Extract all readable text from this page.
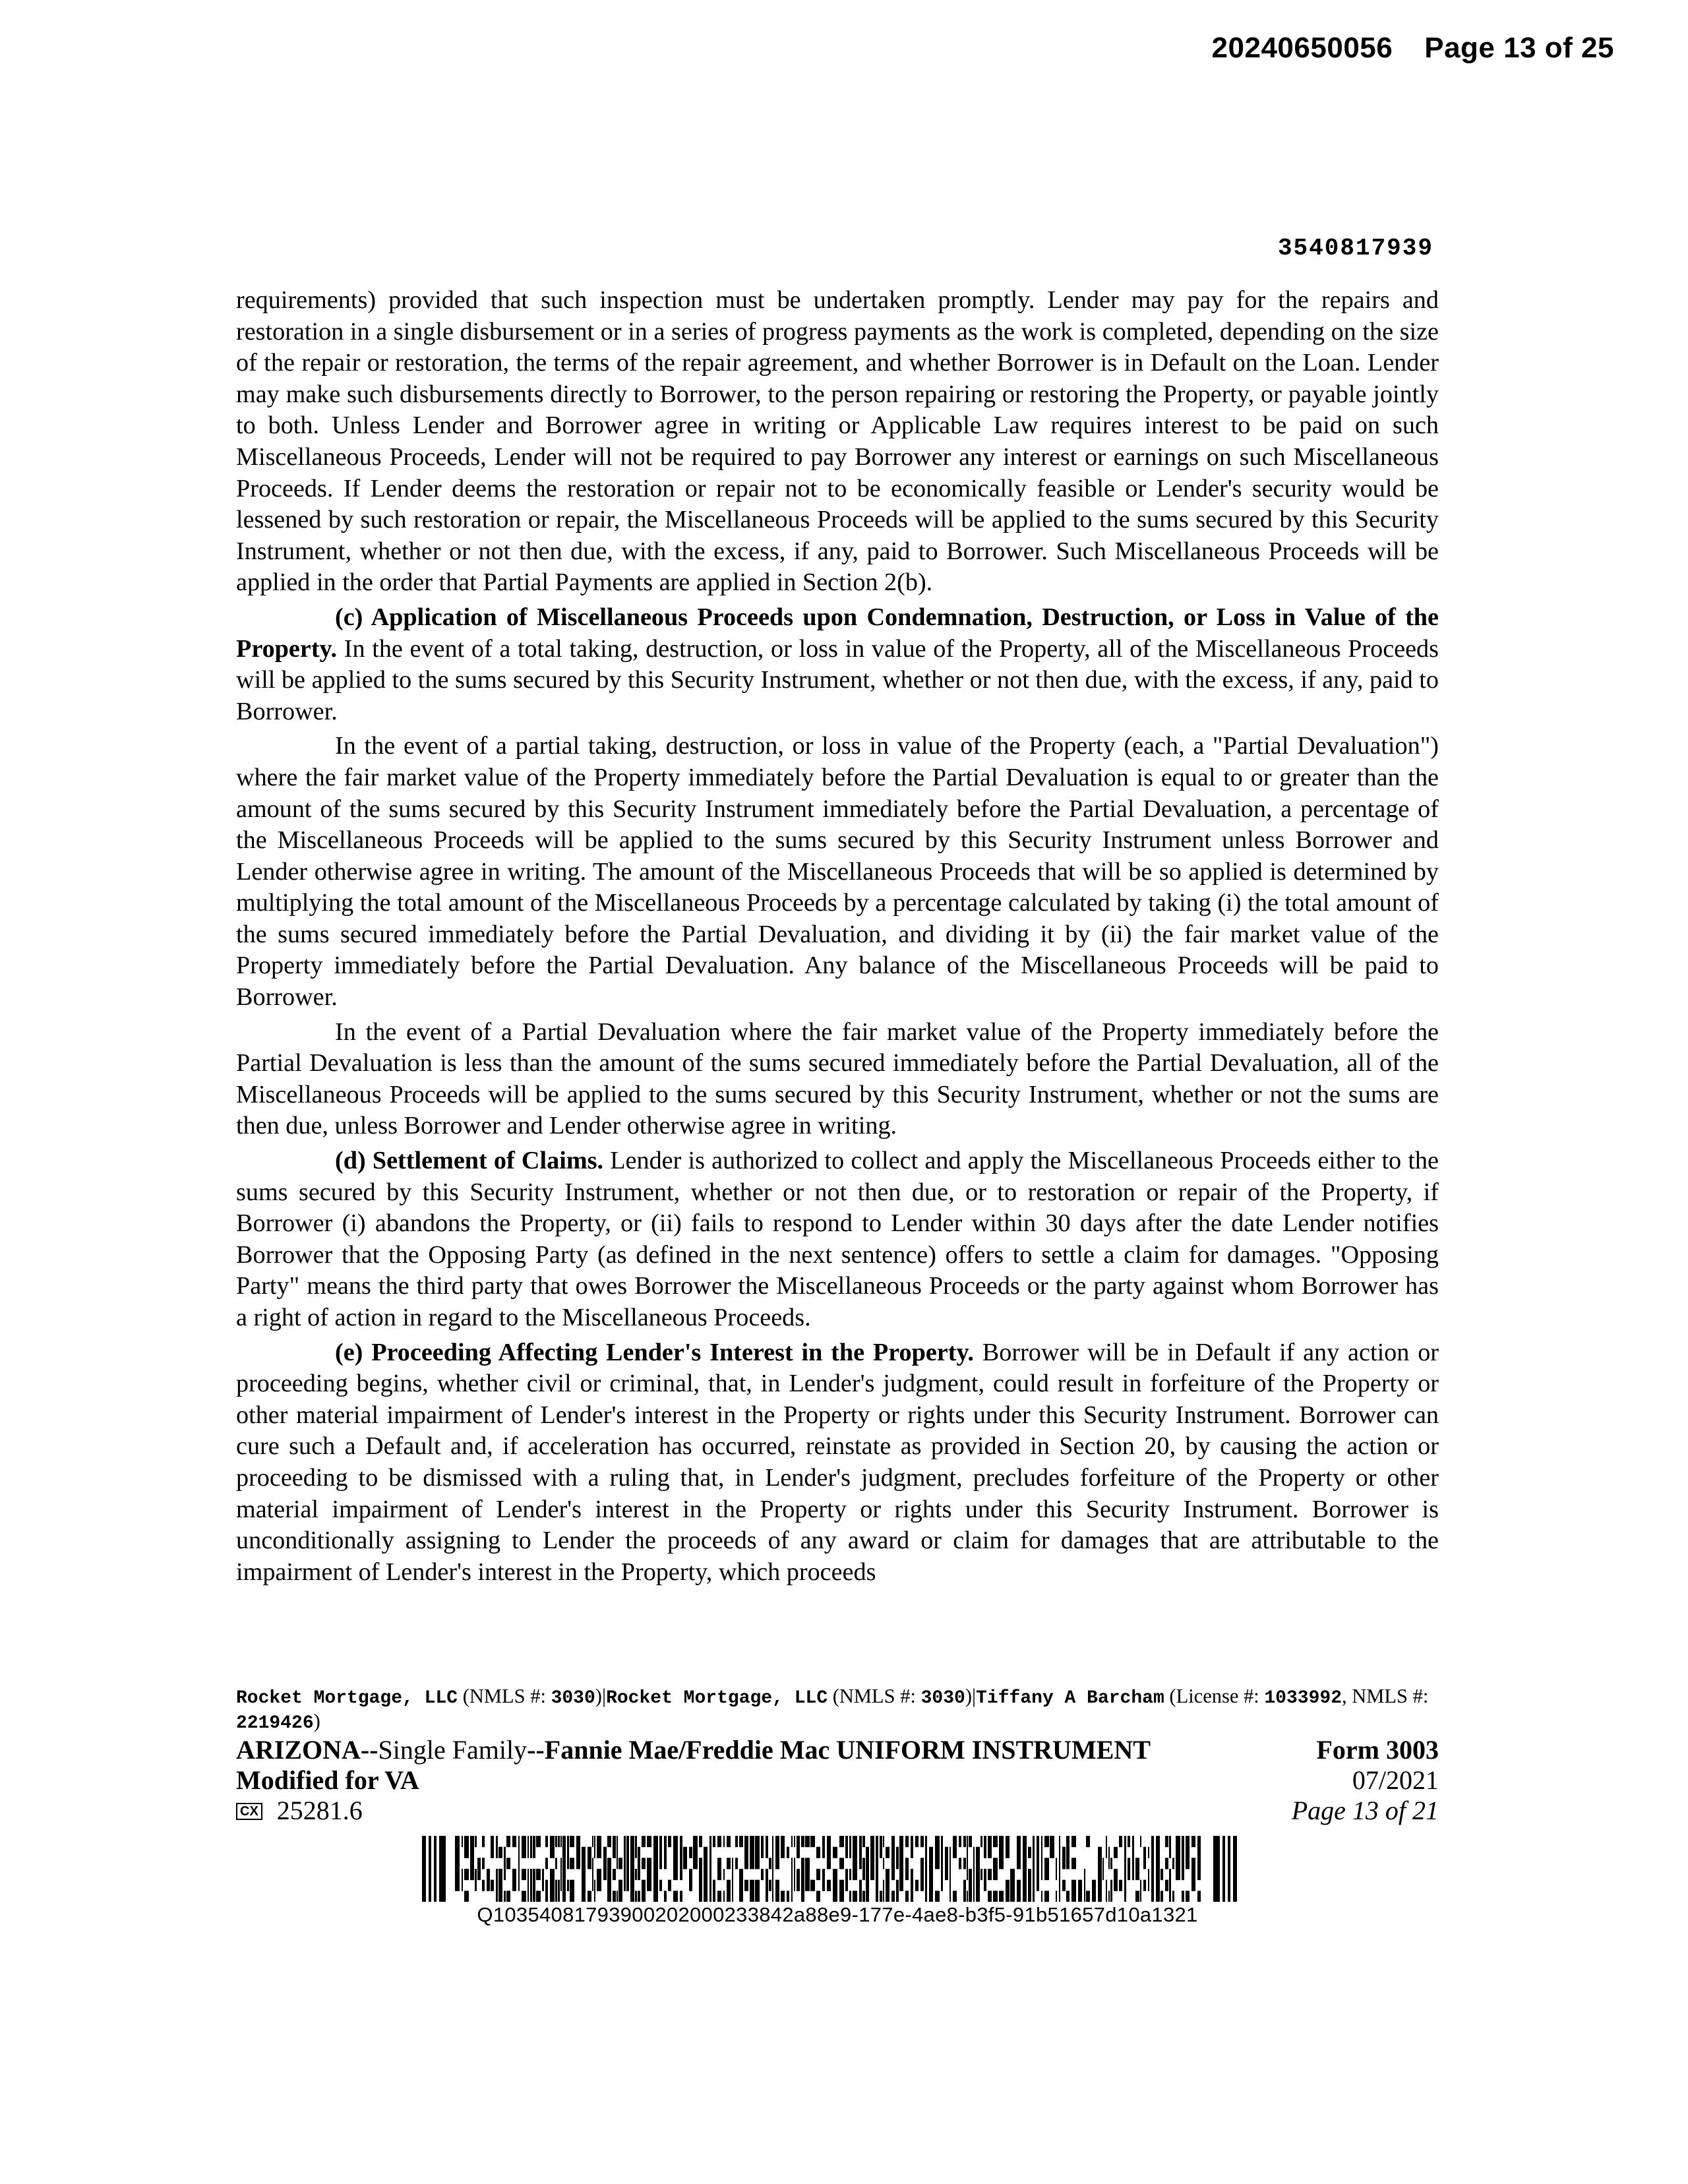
20240650056 Page 13 of 25
3540817939

requirements) provided that such inspection must be undertaken promptly. Lender may pay for the repairs and restoration in a single disbursement or in a series of progress payments as the work is completed, depending on the size of the repair or restoration, the terms of the repair agreement, and whether Borrower is in Default on the Loan. Lender may make such disbursements directly to Borrower, to the person repairing or restoring the Property, or payable jointly to both. Unless Lender and Borrower agree in writing or Applicable Law requires interest to be paid on such Miscellaneous Proceeds, Lender will not be required to pay Borrower any interest or earnings on such Miscellaneous Proceeds. If Lender deems the restoration or repair not to be economically feasible or Lender's security would be lessened by such restoration or repair, the Miscellaneous Proceeds will be applied to the sums secured by this Security Instrument, whether or not then due, with the excess, if any, paid to Borrower. Such Miscellaneous Proceeds will be applied in the order that Partial Payments are applied in Section 2(b).

(c) Application of Miscellaneous Proceeds upon Condemnation, Destruction, or Loss in Value of the Property. In the event of a total taking, destruction, or loss in value of the Property, all of the Miscellaneous Proceeds will be applied to the sums secured by this Security Instrument, whether or not then due, with the excess, if any, paid to Borrower.

In the event of a partial taking, destruction, or loss in value of the Property (each, a "Partial Devaluation") where the fair market value of the Property immediately before the Partial Devaluation is equal to or greater than the amount of the sums secured by this Security Instrument immediately before the Partial Devaluation, a percentage of the Miscellaneous Proceeds will be applied to the sums secured by this Security Instrument unless Borrower and Lender otherwise agree in writing. The amount of the Miscellaneous Proceeds that will be so applied is determined by multiplying the total amount of the Miscellaneous Proceeds by a percentage calculated by taking (i) the total amount of the sums secured immediately before the Partial Devaluation, and dividing it by (ii) the fair market value of the Property immediately before the Partial Devaluation. Any balance of the Miscellaneous Proceeds will be paid to Borrower.

In the event of a Partial Devaluation where the fair market value of the Property immediately before the Partial Devaluation is less than the amount of the sums secured immediately before the Partial Devaluation, all of the Miscellaneous Proceeds will be applied to the sums secured by this Security Instrument, whether or not the sums are then due, unless Borrower and Lender otherwise agree in writing.

(d) Settlement of Claims. Lender is authorized to collect and apply the Miscellaneous Proceeds either to the sums secured by this Security Instrument, whether or not then due, or to restoration or repair of the Property, if Borrower (i) abandons the Property, or (ii) fails to respond to Lender within 30 days after the date Lender notifies Borrower that the Opposing Party (as defined in the next sentence) offers to settle a claim for damages. "Opposing Party" means the third party that owes Borrower the Miscellaneous Proceeds or the party against whom Borrower has a right of action in regard to the Miscellaneous Proceeds.

(e) Proceeding Affecting Lender's Interest in the Property. Borrower will be in Default if any action or proceeding begins, whether civil or criminal, that, in Lender's judgment, could result in forfeiture of the Property or other material impairment of Lender's interest in the Property or rights under this Security Instrument. Borrower can cure such a Default and, if acceleration has occurred, reinstate as provided in Section 20, by causing the action or proceeding to be dismissed with a ruling that, in Lender's judgment, precludes forfeiture of the Property or other material impairment of Lender's interest in the Property or rights under this Security Instrument. Borrower is unconditionally assigning to Lender the proceeds of any award or claim for damages that are attributable to the impairment of Lender's interest in the Property, which proceeds

Rocket Mortgage, LLC (NMLS #: 3030)|Rocket Mortgage, LLC (NMLS #: 3030)|Tiffany A Barcham (License #: 1033992, NMLS #: 2219426)
ARIZONA--Single Family--Fannie Mae/Freddie Mac UNIFORM INSTRUMENT	Form 3003
Modified for VA	07/2021
CX 25281.6	Page 13 of 21
Q10354081793900202000233842a88e9-177e-4ae8-b3f5-91b51657d10a1321
